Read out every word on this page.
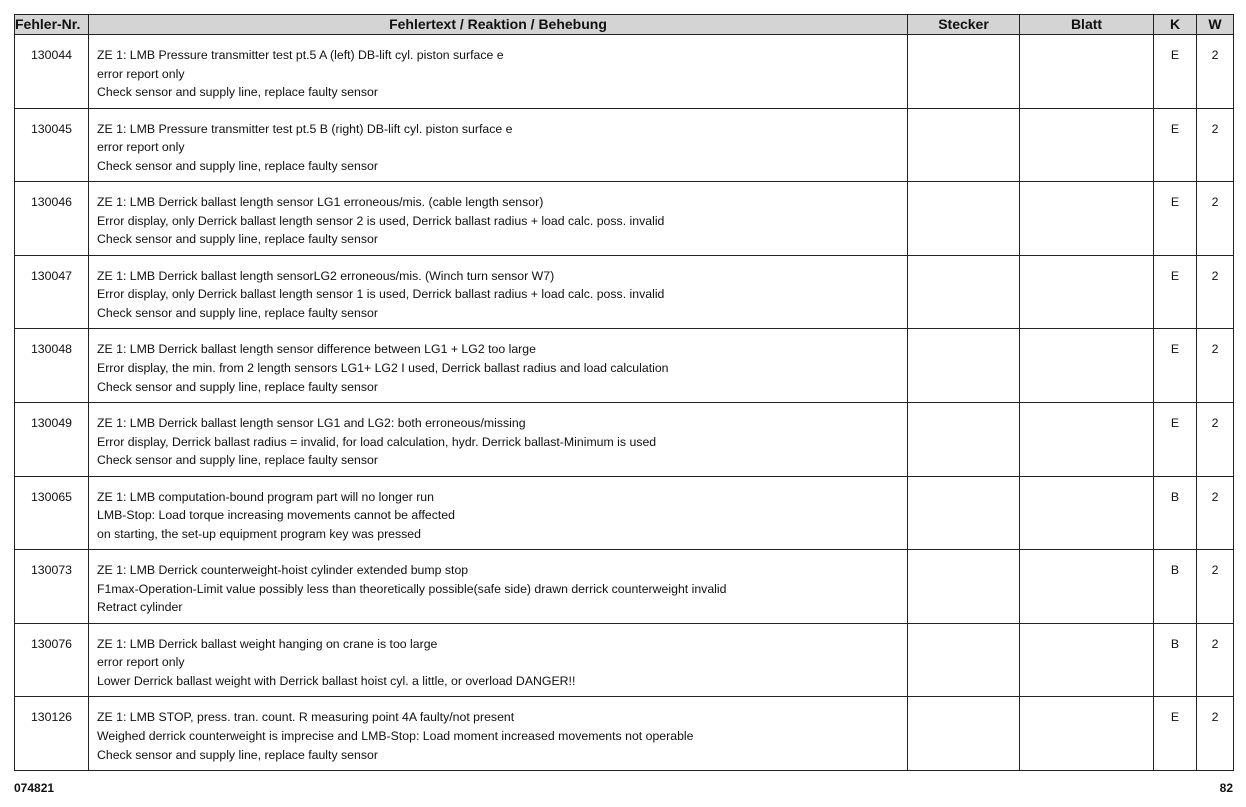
Fehler-Nr.	Fehlertext / Reaktion / Behebung	Stecker	Blatt	K	W
130044	ZE 1: LMB Pressure transmitter test pt.5 A (left) DB-lift cyl. piston surface e
error report only
Check sensor and supply line, replace faulty sensor			E	2
130045	ZE 1: LMB Pressure transmitter test pt.5 B (right) DB-lift cyl. piston surface e
error report only
Check sensor and supply line, replace faulty sensor			E	2
130046	ZE 1: LMB Derrick ballast length sensor LG1 erroneous/mis. (cable length sensor)
Error display, only Derrick ballast length sensor 2 is used, Derrick ballast radius + load calc. poss. invalid
Check sensor and supply line, replace faulty sensor			E	2
130047	ZE 1: LMB Derrick ballast length sensorLG2 erroneous/mis. (Winch turn sensor W7)
Error display, only Derrick ballast length sensor 1 is used, Derrick ballast radius + load calc. poss. invalid
Check sensor and supply line, replace faulty sensor			E	2
130048	ZE 1: LMB Derrick ballast length sensor difference between LG1 + LG2 too large
Error display, the min. from 2 length sensors LG1+ LG2 I used, Derrick ballast radius and load calculation
Check sensor and supply line, replace faulty sensor			E	2
130049	ZE 1: LMB Derrick ballast length sensor LG1 and LG2: both erroneous/missing
Error display, Derrick ballast radius = invalid, for load calculation, hydr. Derrick ballast-Minimum is used
Check sensor and supply line, replace faulty sensor			E	2
130065	ZE 1: LMB computation-bound program part will no longer run
LMB-Stop: Load torque increasing movements cannot be affected
on starting, the set-up equipment program key was pressed			B	2
130073	ZE 1: LMB Derrick counterweight-hoist cylinder extended bump stop
F1max-Operation-Limit value possibly less than theoretically possible(safe side) drawn derrick counterweight invalid
Retract cylinder			B	2
130076	ZE 1: LMB Derrick ballast weight hanging on crane is too large
error report only
Lower Derrick ballast weight with Derrick ballast hoist cyl. a little, or overload DANGER!!			B	2
130126	ZE 1: LMB STOP, press. tran. count. R measuring point 4A faulty/not present
Weighed derrick counterweight is imprecise and LMB-Stop: Load moment increased movements not operable
Check sensor and supply line, replace faulty sensor			E	2
074821	82
